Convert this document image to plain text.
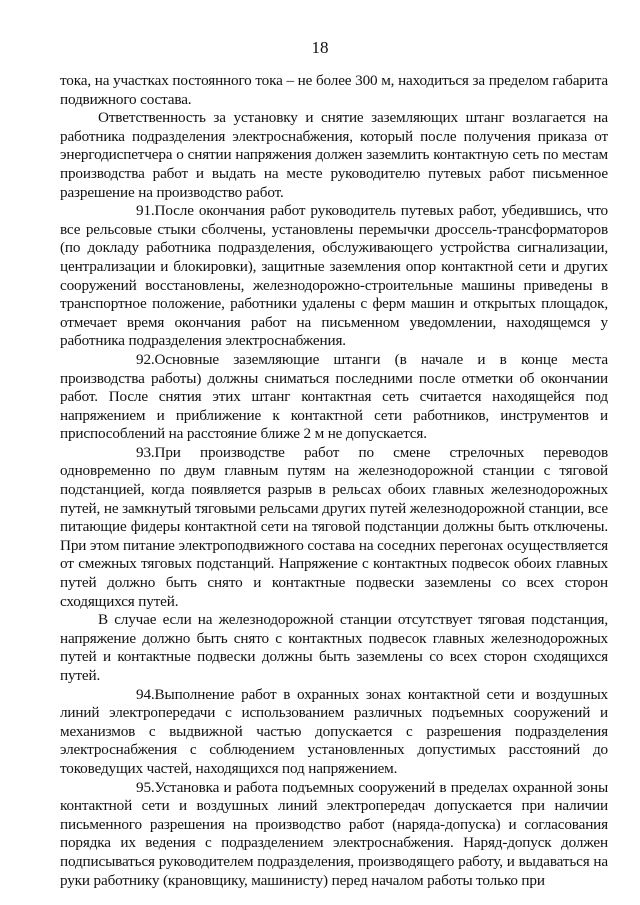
18

тока, на участках постоянного тока – не более 300 м, находиться за пределом габарита подвижного состава.

Ответственность за установку и снятие заземляющих штанг возлагается на работника подразделения электроснабжения, который после получения приказа от энергодиспетчера о снятии напряжения должен заземлить контактную сеть по местам производства работ и выдать на месте руководителю путевых работ письменное разрешение на производство работ.

91.После окончания работ руководитель путевых работ, убедившись, что все рельсовые стыки сболчены, установлены перемычки дроссель-трансформаторов (по докладу работника подразделения, обслуживающего устройства сигнализации, централизации и блокировки), защитные заземления опор контактной сети и других сооружений восстановлены, железнодорожно-строительные машины приведены в транспортное положение, работники удалены с ферм машин и открытых площадок, отмечает время окончания работ на письменном уведомлении, находящемся у работника подразделения электроснабжения.

92.Основные заземляющие штанги (в начале и в конце места производства работы) должны сниматься последними после отметки об окончании работ. После снятия этих штанг контактная сеть считается находящейся под напряжением и приближение к контактной сети работников, инструментов и приспособлений на расстояние ближе 2 м не допускается.

93.При производстве работ по смене стрелочных переводов одновременно по двум главным путям на железнодорожной станции с тяговой подстанцией, когда появляется разрыв в рельсах обоих главных железнодорожных путей, не замкнутый тяговыми рельсами других путей железнодорожной станции, все питающие фидеры контактной сети на тяговой подстанции должны быть отключены. При этом питание электроподвижного состава на соседних перегонах осуществляется от смежных тяговых подстанций. Напряжение с контактных подвесок обоих главных путей должно быть снято и контактные подвески заземлены со всех сторон сходящихся путей.

В случае если на железнодорожной станции отсутствует тяговая подстанция, напряжение должно быть снято с контактных подвесок главных железнодорожных путей и контактные подвески должны быть заземлены со всех сторон сходящихся путей.

94.Выполнение работ в охранных зонах контактной сети и воздушных линий электропередачи с использованием различных подъемных сооружений и механизмов с выдвижной частью допускается с разрешения подразделения электроснабжения с соблюдением установленных допустимых расстояний до токоведущих частей, находящихся под напряжением.

95.Установка и работа подъемных сооружений в пределах охранной зоны контактной сети и воздушных линий электропередач допускается при наличии письменного разрешения на производство работ (наряда-допуска) и согласования порядка их ведения с подразделением электроснабжения. Наряд-допуск должен подписываться руководителем подразделения, производящего работу, и выдаваться на руки работнику (крановщику, машинисту) перед началом работы только при
